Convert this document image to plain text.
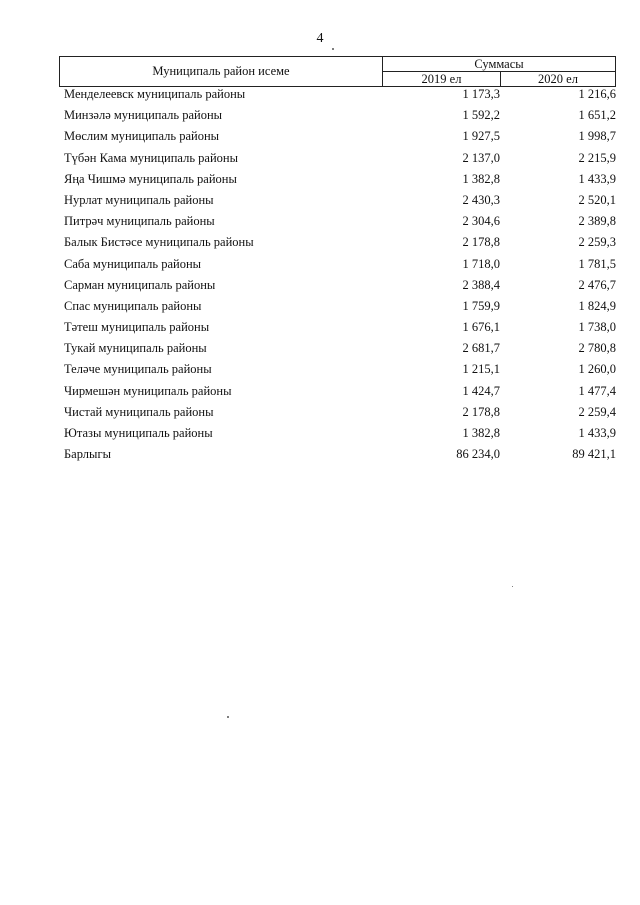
4
Муниципаль район исеме
Суммасы
2019 ел	2020 ел
Менделеевск муниципаль районы	1 173,3	1 216,6
Минзәлә муниципаль районы	1 592,2	1 651,2
Мөслим муниципаль районы	1 927,5	1 998,7
Түбән Кама муниципаль районы	2 137,0	2 215,9
Яңа Чишмә муниципаль районы	1 382,8	1 433,9
Нурлат муниципаль районы	2 430,3	2 520,1
Питрәч муниципаль районы	2 304,6	2 389,8
Балык Бистәсе муниципаль районы	2 178,8	2 259,3
Саба муниципаль районы	1 718,0	1 781,5
Сарман муниципаль районы	2 388,4	2 476,7
Спас муниципаль районы	1 759,9	1 824,9
Тәтеш муниципаль районы	1 676,1	1 738,0
Тукай муниципаль районы	2 681,7	2 780,8
Теләче муниципаль районы	1 215,1	1 260,0
Чирмешән муниципаль районы	1 424,7	1 477,4
Чистай муниципаль районы	2 178,8	2 259,4
Ютазы муниципаль районы	1 382,8	1 433,9
Барлыгы	86 234,0	89 421,1
